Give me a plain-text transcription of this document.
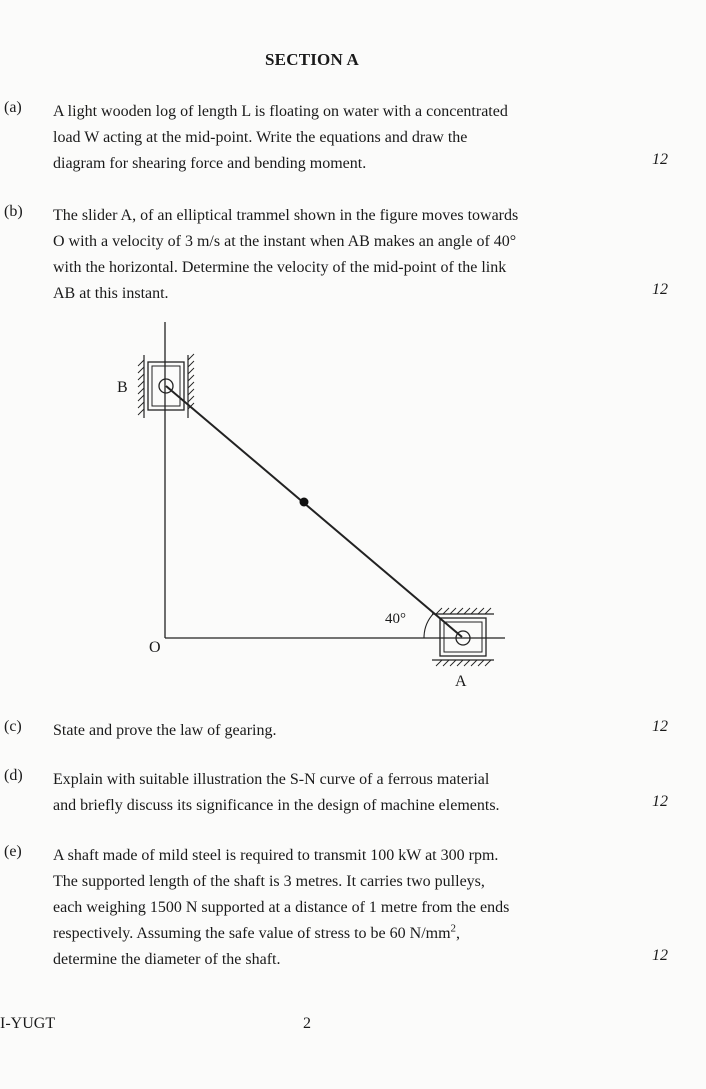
SECTION A
(a) A light wooden log of length L is floating on water with a concentrated
load W acting at the mid-point. Write the equations and draw the
diagram for shearing force and bending moment.	12
(b) The slider A, of an elliptical trammel shown in the figure moves towards
O with a velocity of 3 m/s at the instant when AB makes an angle of 40°
with the horizontal. Determine the velocity of the mid-point of the link
AB at this instant.	12
B
O
A
40°
(c) State and prove the law of gearing.	12
(d) Explain with suitable illustration the S-N curve of a ferrous material
and briefly discuss its significance in the design of machine elements.	12
(e) A shaft made of mild steel is required to transmit 100 kW at 300 rpm.
The supported length of the shaft is 3 metres. It carries two pulleys,
each weighing 1500 N supported at a distance of 1 metre from the ends
respectively. Assuming the safe value of stress to be 60 $N/mm^2$,
determine the diameter of the shaft.	12
I-YUGT	2
